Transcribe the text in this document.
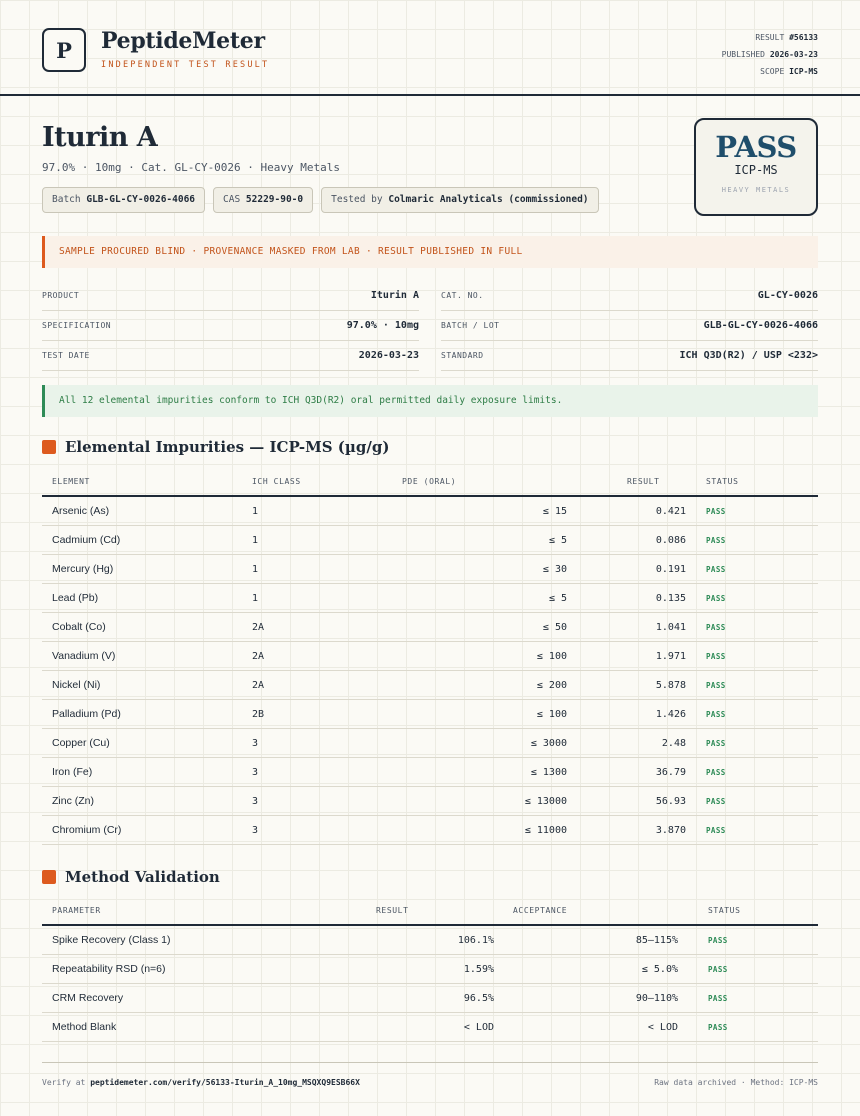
P	PeptideMeter
INDEPENDENT TEST RESULT
RESULT #56133
PUBLISHED 2026-03-23
SCOPE ICP-MS
Iturin A
97.0% · 10mg · Cat. GL-CY-0026 · Heavy Metals
Batch GLB-GL-CY-0026-4066	CAS 52229-90-0	Tested by Colmaric Analyticals (commissioned)
PASS
ICP-MS
HEAVY METALS
SAMPLE PROCURED BLIND · PROVENANCE MASKED FROM LAB · RESULT PUBLISHED IN FULL
PRODUCT	Iturin A
SPECIFICATION	97.0% · 10mg
TEST DATE	2026-03-23
CAT. NO.	GL-CY-0026
BATCH / LOT	GLB-GL-CY-0026-4066
STANDARD	ICH Q3D(R2) / USP <232>
All 12 elemental impurities conform to ICH Q3D(R2) oral permitted daily exposure limits.
Elemental Impurities — ICP-MS (µg/g)
ELEMENT	ICH CLASS	PDE (ORAL)	RESULT	STATUS
Arsenic (As)	1	≤ 15	0.421	PASS
Cadmium (Cd)	1	≤ 5	0.086	PASS
Mercury (Hg)	1	≤ 30	0.191	PASS
Lead (Pb)	1	≤ 5	0.135	PASS
Cobalt (Co)	2A	≤ 50	1.041	PASS
Vanadium (V)	2A	≤ 100	1.971	PASS
Nickel (Ni)	2A	≤ 200	5.878	PASS
Palladium (Pd)	2B	≤ 100	1.426	PASS
Copper (Cu)	3	≤ 3000	2.48	PASS
Iron (Fe)	3	≤ 1300	36.79	PASS
Zinc (Zn)	3	≤ 13000	56.93	PASS
Chromium (Cr)	3	≤ 11000	3.870	PASS
Method Validation
PARAMETER	RESULT	ACCEPTANCE	STATUS
Spike Recovery (Class 1)	106.1%	85–115%	PASS
Repeatability RSD (n=6)	1.59%	≤ 5.0%	PASS
CRM Recovery	96.5%	90–110%	PASS
Method Blank	< LOD	< LOD	PASS
Verify at peptidemeter.com/verify/56133-Iturin_A_10mg_MSQXQ9ESB66X	Raw data archived · Method: ICP-MS
